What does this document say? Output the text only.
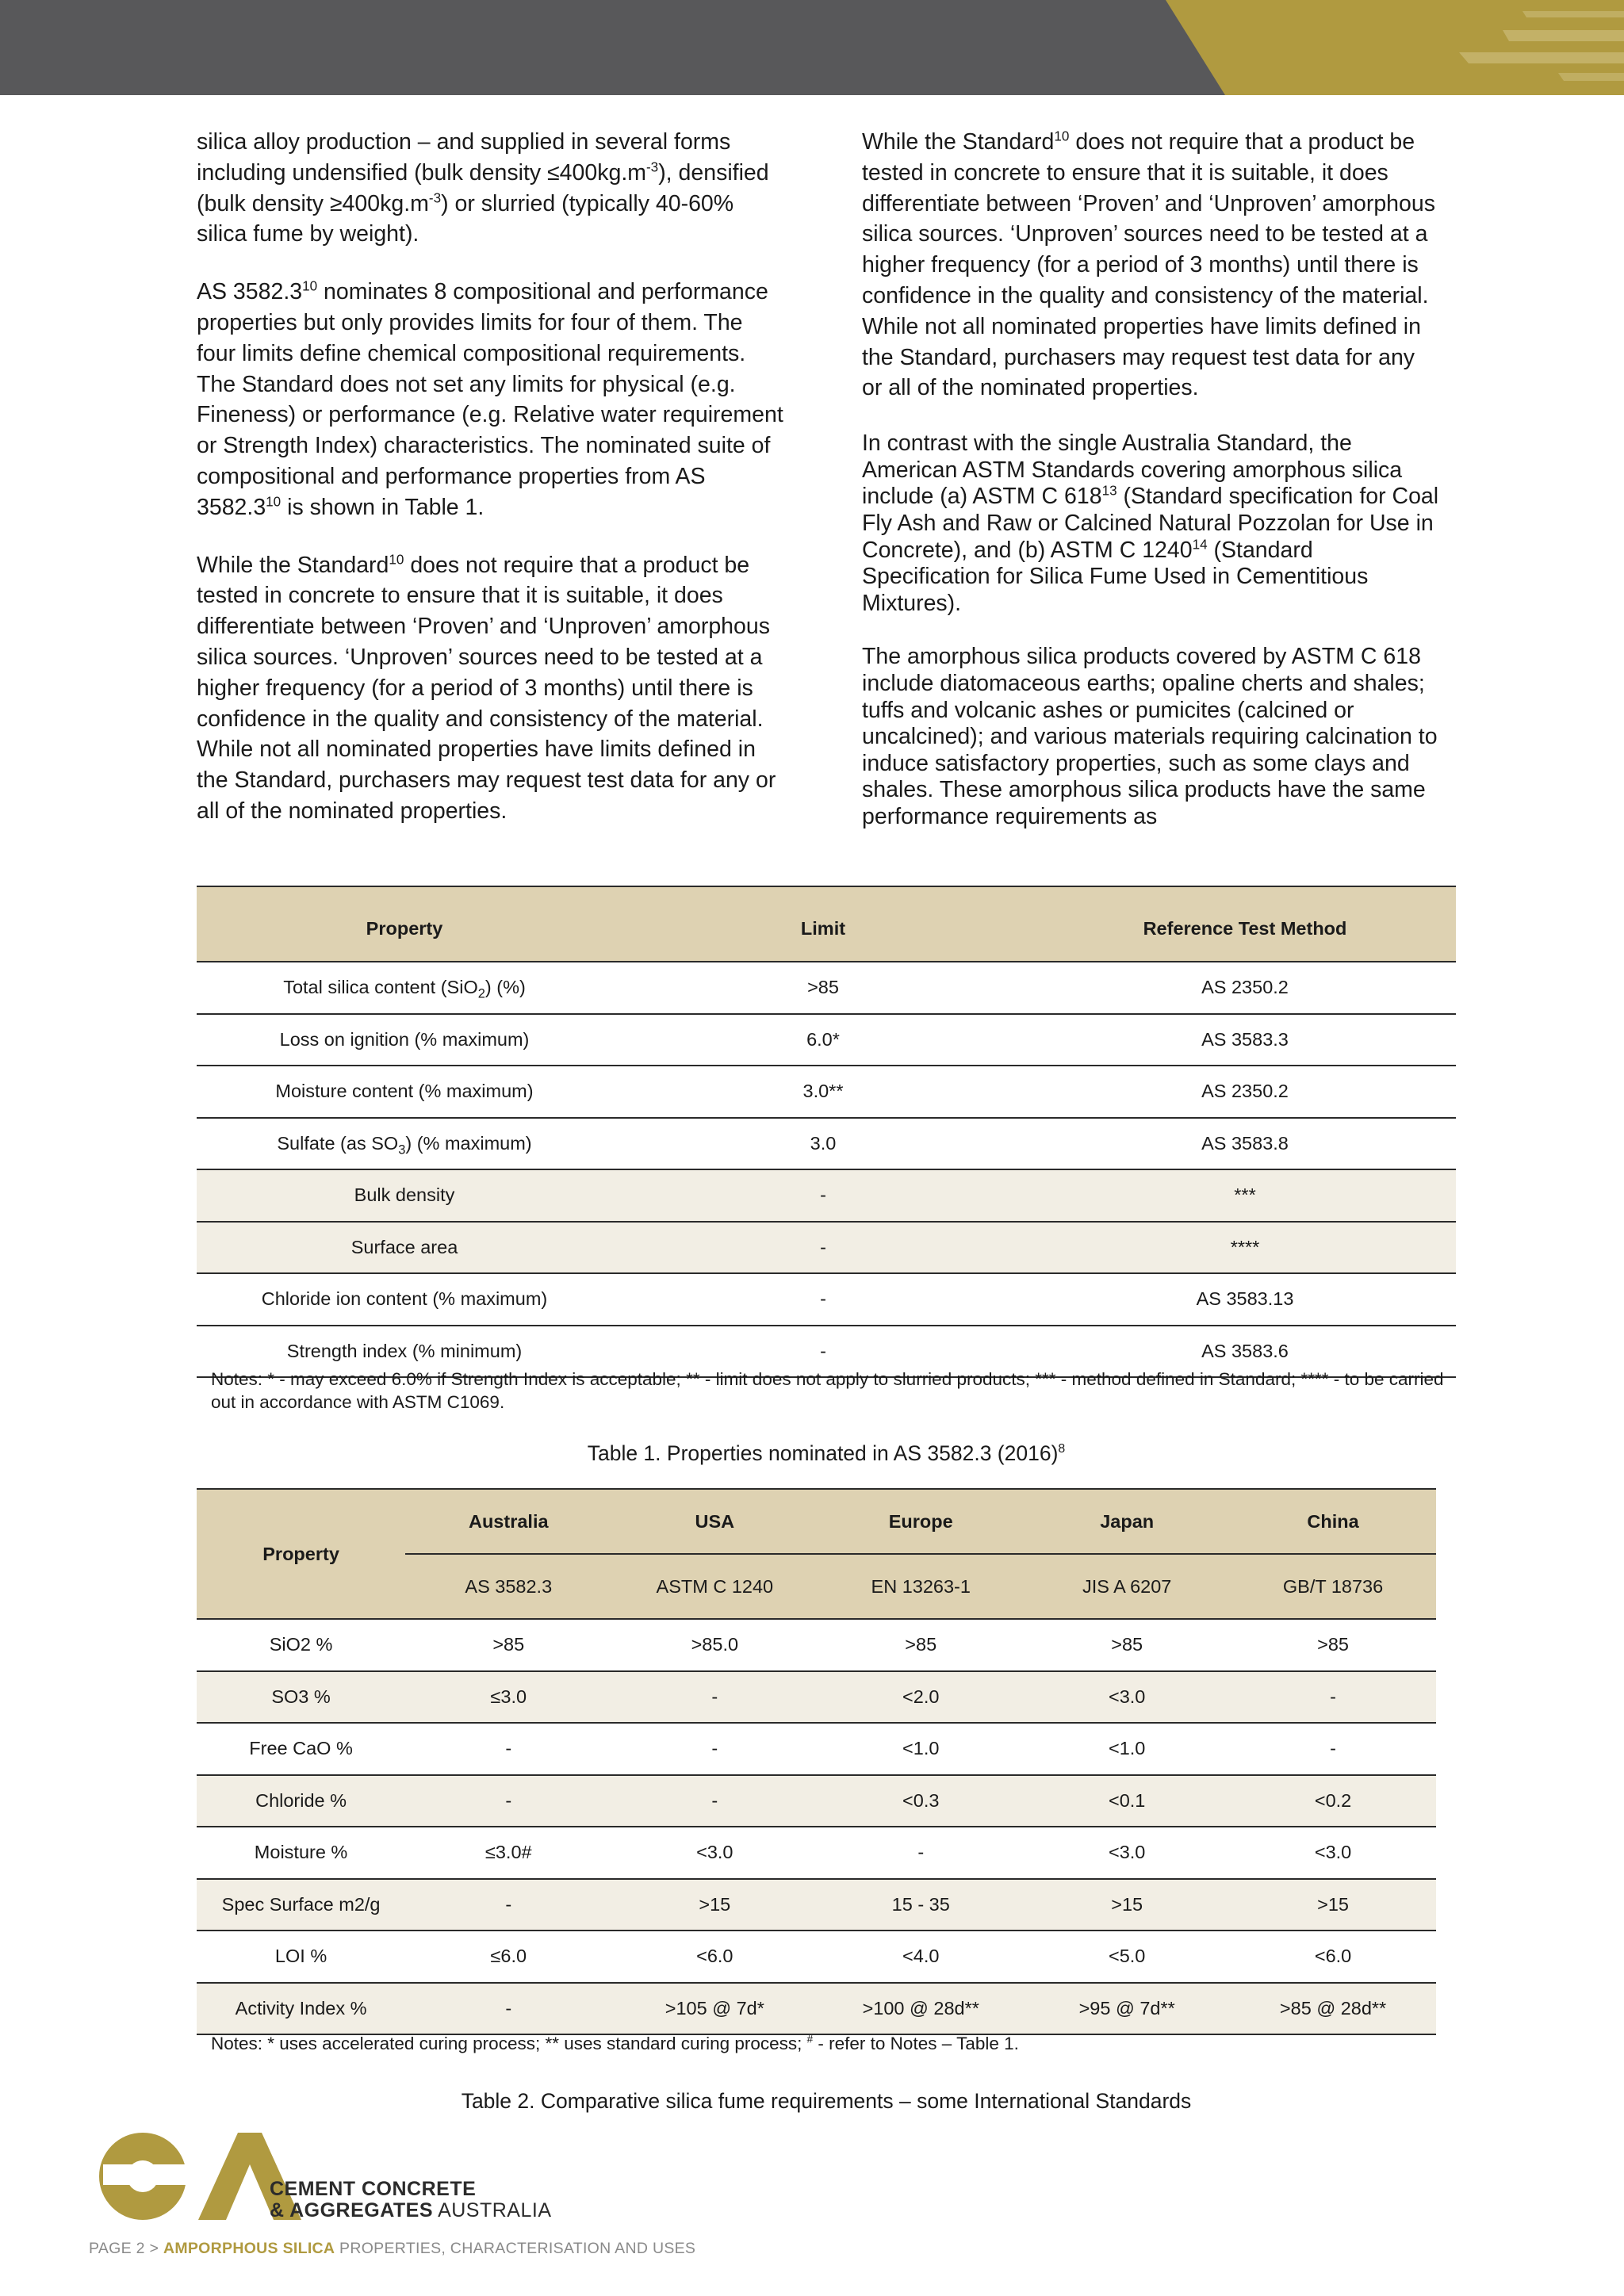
silica alloy production – and supplied in several forms including undensified (bulk density $\le 400kg.m^{-3}$), densified (bulk density $\ge 400kg.m^{-3}$) or slurried (typically 40-60% silica fume by weight).

AS 3582.3$^{10}$ nominates 8 compositional and performance properties but only provides limits for four of them. The four limits define chemical compositional requirements. The Standard does not set any limits for physical (e.g. Fineness) or performance (e.g. Relative water requirement or Strength Index) characteristics. The nominated suite of compositional and performance properties from AS 3582.3$^{10}$ is shown in Table 1.

While the Standard$^{10}$ does not require that a product be tested in concrete to ensure that it is suitable, it does differentiate between ‘Proven’ and ‘Unproven’ amorphous silica sources. ‘Unproven’ sources need to be tested at a higher frequency (for a period of 3 months) until there is confidence in the quality and consistency of the material. While not all nominated properties have limits defined in the Standard, purchasers may request test data for any or all of the nominated properties.

While the Standard$^{10}$ does not require that a product be tested in concrete to ensure that it is suitable, it does differentiate between ‘Proven’ and ‘Unproven’ amorphous silica sources. ‘Unproven’ sources need to be tested at a higher frequency (for a period of 3 months) until there is confidence in the quality and consistency of the material. While not all nominated properties have limits defined in the Standard, purchasers may request test data for any or all of the nominated properties.

In contrast with the single Australia Standard, the American ASTM Standards covering amorphous silica include (a) ASTM C $618^{13}$ (Standard specification for Coal Fly Ash and Raw or Calcined Natural Pozzolan for Use in Concrete), and (b) ASTM C 1240$^{14}$ (Standard Specification for Silica Fume Used in Cementitious Mixtures).

The amorphous silica products covered by ASTM C 618 include diatomaceous earths; opaline cherts and shales; tuffs and volcanic ashes or pumicites (calcined or uncalcined); and various materials requiring calcination to induce satisfactory properties, such as some clays and shales. These amorphous silica products have the same performance requirements as

Property	Limit	Reference Test Method
Total silica content (SiO$_2$) (%)	>85	AS 2350.2
Loss on ignition (% maximum)	6.0*	AS 3583.3
Moisture content (% maximum)	3.0**	AS 2350.2
Sulfate (as $SO_3$) (% maximum)	3.0	AS 3583.8
Bulk density	-	***
Surface area	-	****
Chloride ion content (% maximum)	-	AS 3583.13
Strength index (% minimum)	-	AS 3583.6
Notes: * - may exceed 6.0% if Strength Index is acceptable; ** - limit does not apply to slurried products; *** - method defined in Standard; **** - to be carried out in accordance with ASTM C1069.
Table 1. Properties nominated in AS 3582.3 $(2016)^8$
Property	Australia	USA	Europe	Japan	China
	AS 3582.3	ASTM C 1240	EN 13263-1	JIS A 6207	GB/T 18736
SiO2 %	>85	>85.0	>85	>85	>85
SO3 %	≤3.0	-	<2.0	<3.0	-
Free CaO %	-	-	<1.0	<1.0	-
Chloride %	-	-	<0.3	<0.1	<0.2
Moisture %	≤3.0#	<3.0	-	<3.0	<3.0
Spec Surface m2/g	-	>15	15 - 35	>15	>15
LOI %	≤6.0	<6.0	<4.0	<5.0	<6.0
Activity Index %	-	>105 @ 7d*	>100 @ 28d**	>95 @ 7d**	>85 @ 28d**
Notes: * uses accelerated curing process; ** uses standard curing process; # - refer to Notes – Table 1.
Table 2. Comparative silica fume requirements – some International Standards
CEMENT CONCRETE
& AGGREGATES AUSTRALIA
PAGE 2 > AMPORPHOUS SILICA PROPERTIES, CHARACTERISATION AND USES
